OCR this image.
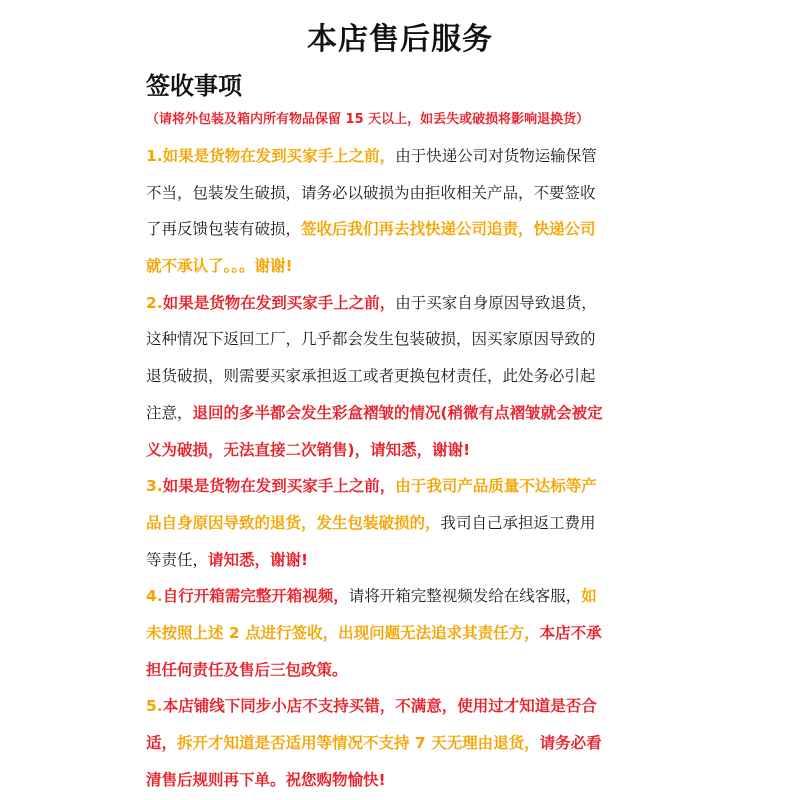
本店售后服务
签收事项
（请将外包装及箱内所有物品保留 15 天以上，如丢失或破损将影响退换货）
1.如果是货物在发到买家手上之前，由于快递公司对货物运输保管
不当，包装发生破损，请务必以破损为由拒收相关产品，不要签收
了再反馈包装有破损，签收后我们再去找快递公司追责，快递公司
就不承认了。。。谢谢!
2.如果是货物在发到买家手上之前，由于买家自身原因导致退货，
这种情况下返回工厂，几乎都会发生包装破损，因买家原因导致的
退货破损，则需要买家承担返工或者更换包材责任，此处务必引起
注意，退回的多半都会发生彩盒褶皱的情况(稍微有点褶皱就会被定
义为破损，无法直接二次销售)，请知悉，谢谢!
3.如果是货物在发到买家手上之前，由于我司产品质量不达标等产
品自身原因导致的退货，发生包装破损的，我司自己承担返工费用
等责任，请知悉，谢谢!
4.自行开箱需完整开箱视频，请将开箱完整视频发给在线客服，如
未按照上述 2 点进行签收，出现问题无法追求其责任方，本店不承
担任何责任及售后三包政策。
5.本店铺线下同步小店不支持买错，不满意，使用过才知道是否合
适，拆开才知道是否适用等情况不支持 7 天无理由退货，请务必看
清售后规则再下单。祝您购物愉快!
